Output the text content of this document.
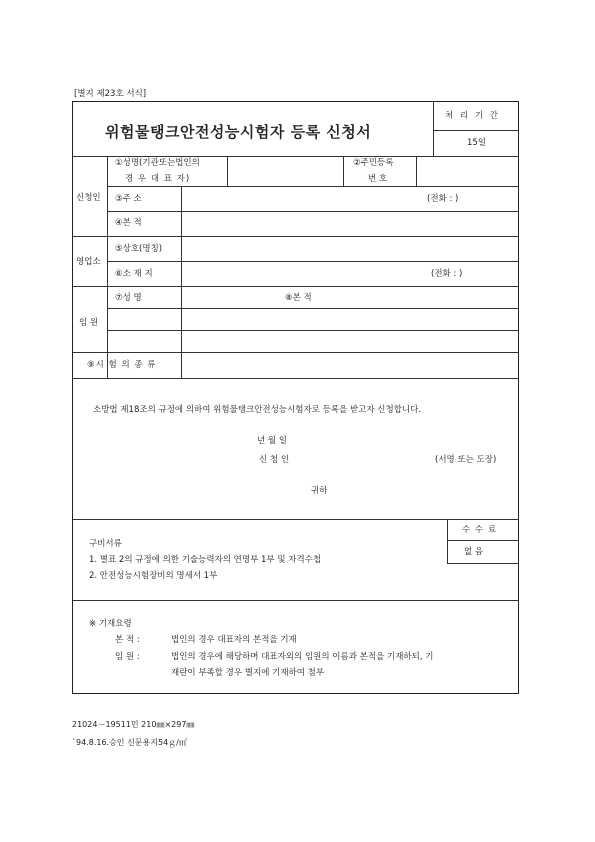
[별지 제23호 서식]
위험물탱크안전성능시험자 등록 신청서
처 리 기 간
15일
신청인
①성명(기관또는법인의
경 우 대 표 자)
②주민등록
번 호
③주 소	(전화 : )
④본 적
영업소
⑤상호(명칭)
⑥소 재 지	(전화 : )
임 원
⑦성 명	⑧본 적
⑨시 험 의 종 류
소방법 제18조의 규정에 의하여 위험물탱크안전성능시험자로 등록을 받고자 신청합니다.
년 월 일
신 청 인	(서명 또는 도장)
귀하
구비서류
1. 별표 2의 규정에 의한 기술능력자의 연명부 1부 및 자격수첩
2. 안전성능시험장비의 명세서 1부
수 수 료
없 음
※ 기재요령
본 적 :	법인의 경우 대표자의 본적을 기재
임 원 :	법인의 경우에 해당하며 대표자외의 임원의 이름과 본적을 기재하되, 기
재란이 부족할 경우 별지에 기재하여 첨부
21024－19511민 210㎜×297㎜
`94.8.16.승인 신문용지54ｇ/㎡
